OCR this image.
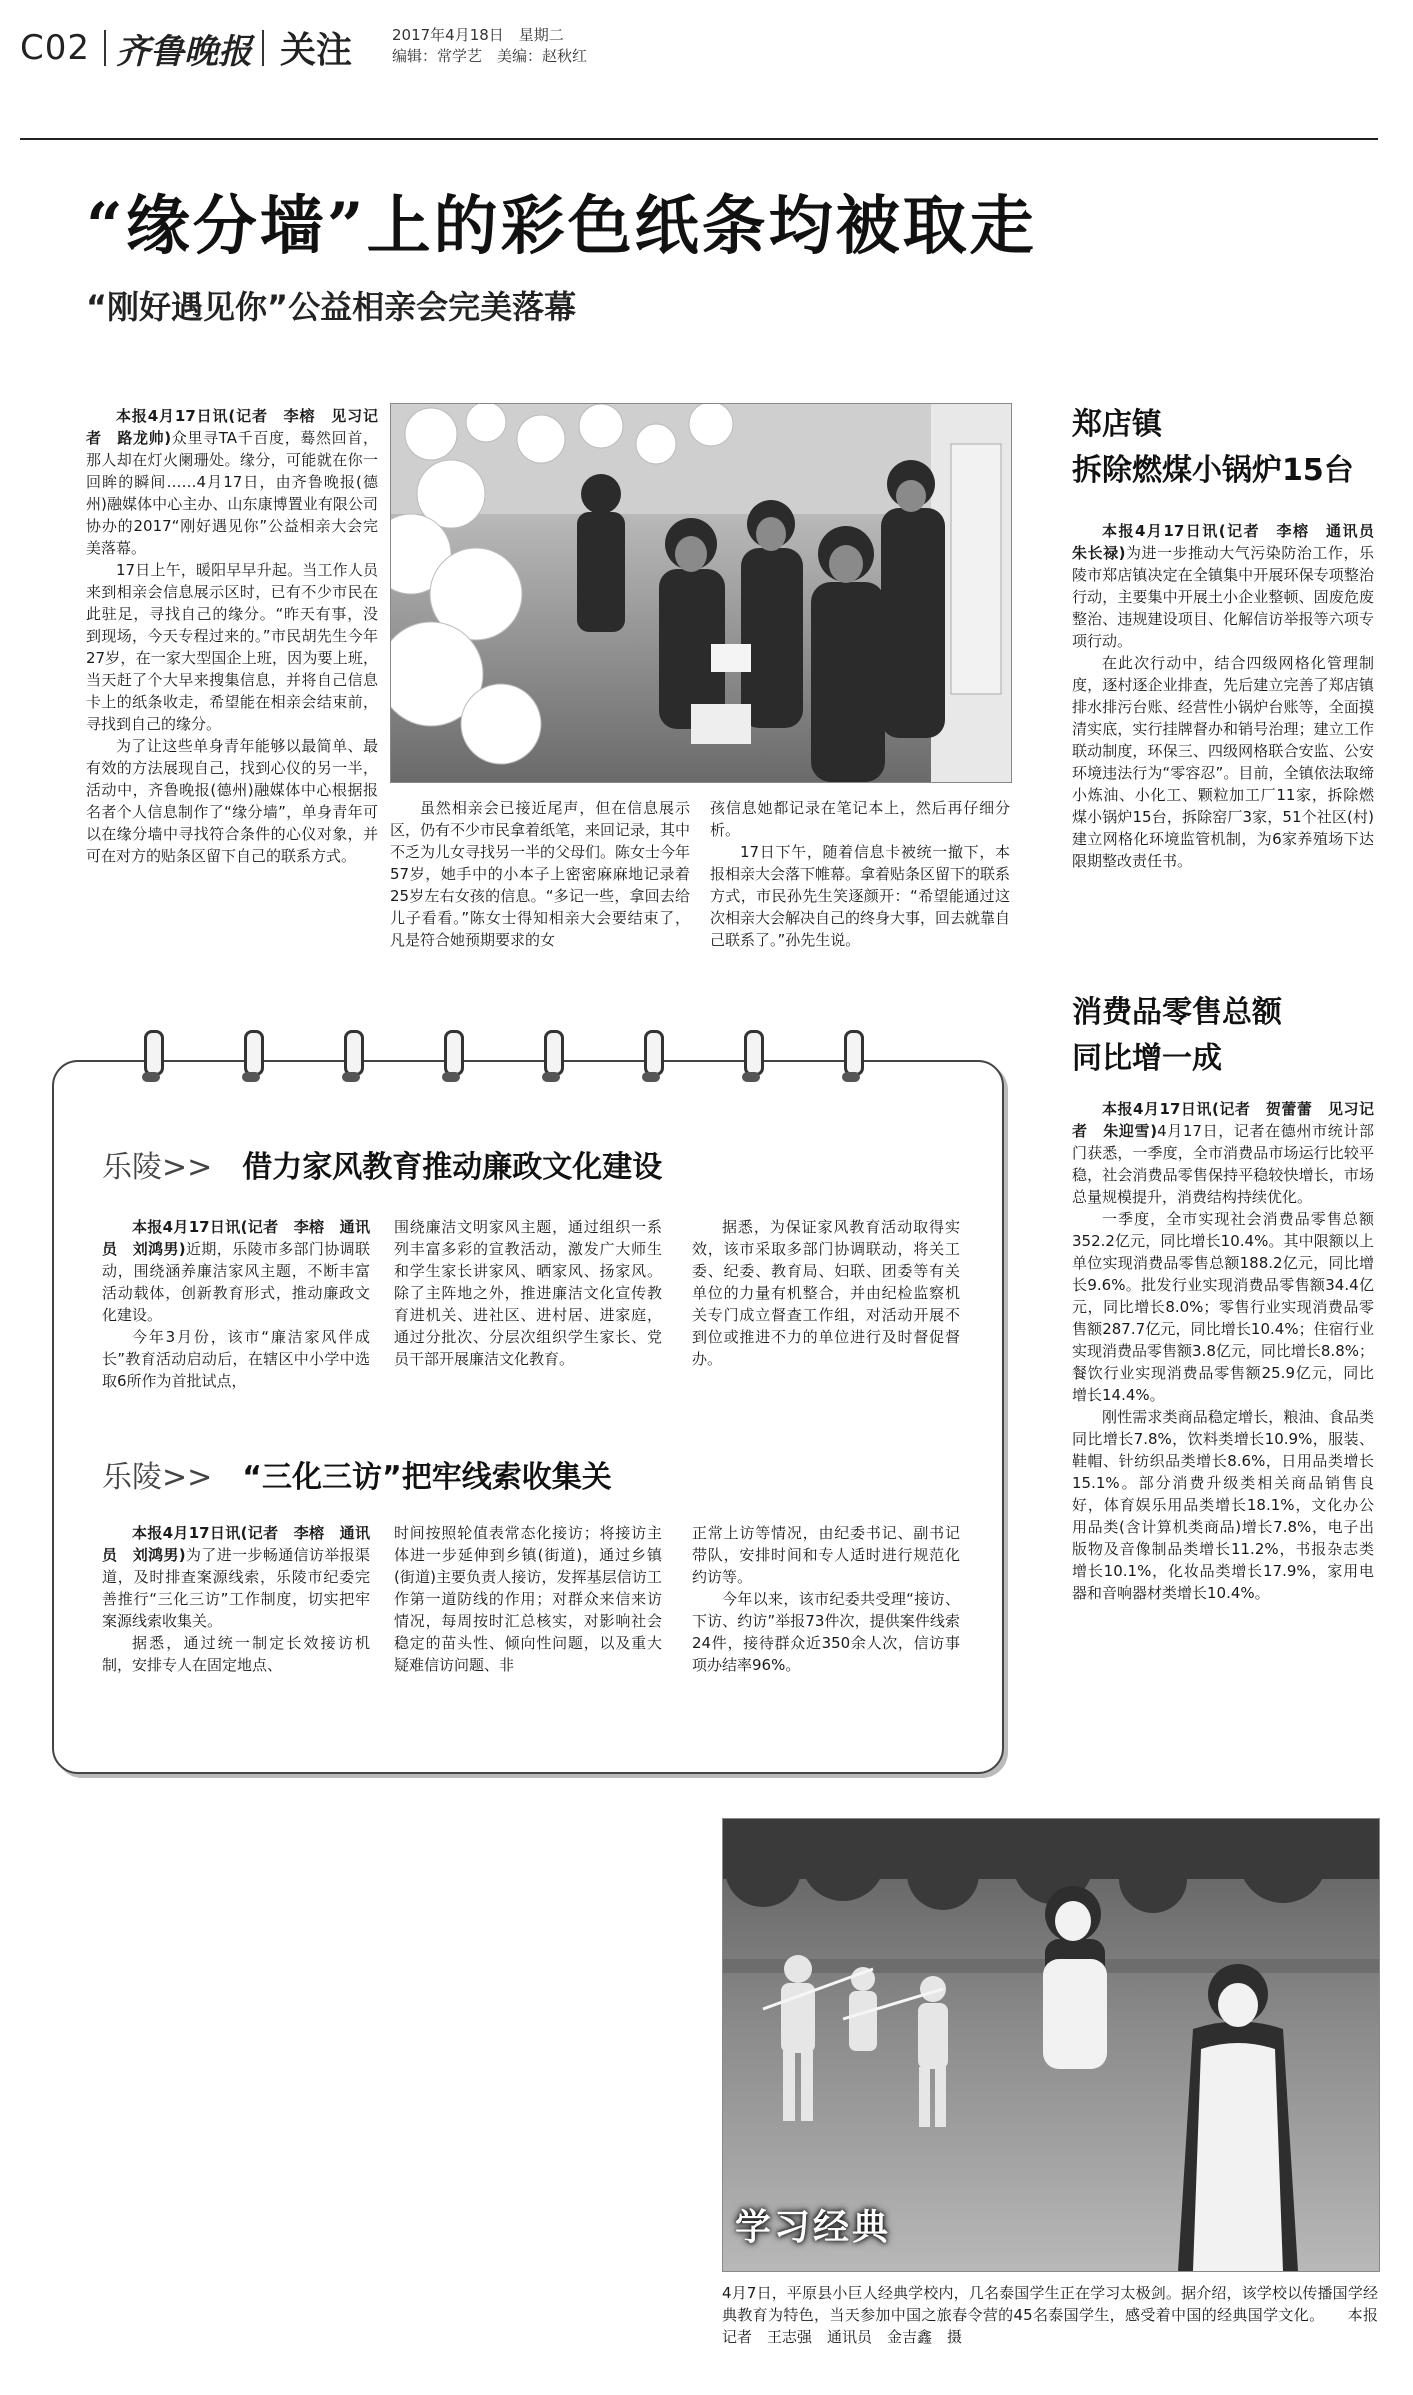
C02 齐鲁晚报 关注	2017年4月18日　星期二
编辑：常学艺　美编：赵秋红
“缘分墙”上的彩色纸条均被取走
“刚好遇见你”公益相亲会完美落幕

本报4月17日讯(记者　李榕　见习记者　路龙帅)众里寻TA千百度，蓦然回首，那人却在灯火阑珊处。缘分，可能就在你一回眸的瞬间……4月17日，由齐鲁晚报(德州)融媒体中心主办、山东康博置业有限公司协办的2017“刚好遇见你”公益相亲大会完美落幕。

17日上午，暖阳早早升起。当工作人员来到相亲会信息展示区时，已有不少市民在此驻足，寻找自己的缘分。“昨天有事，没到现场，今天专程过来的。”市民胡先生今年27岁，在一家大型国企上班，因为要上班，当天赶了个大早来搜集信息，并将自己信息卡上的纸条收走，希望能在相亲会结束前，寻找到自己的缘分。

为了让这些单身青年能够以最简单、最有效的方法展现自己，找到心仪的另一半，活动中，齐鲁晚报(德州)融媒体中心根据报名者个人信息制作了“缘分墙”，单身青年可以在缘分墙中寻找符合条件的心仪对象，并可在对方的贴条区留下自己的联系方式。

虽然相亲会已接近尾声，但在信息展示区，仍有不少市民拿着纸笔，来回记录，其中不乏为儿女寻找另一半的父母们。陈女士今年57岁，她手中的小本子上密密麻麻地记录着25岁左右女孩的信息。“多记一些，拿回去给儿子看看。”陈女士得知相亲大会要结束了，凡是符合她预期要求的女

孩信息她都记录在笔记本上，然后再仔细分析。

17日下午，随着信息卡被统一撤下，本报相亲大会落下帷幕。拿着贴条区留下的联系方式，市民孙先生笑逐颜开：“希望能通过这次相亲大会解决自己的终身大事，回去就靠自己联系了。”孙先生说。

郑店镇
拆除燃煤小锅炉15台

本报4月17日讯(记者　李榕　通讯员　朱长禄)为进一步推动大气污染防治工作，乐陵市郑店镇决定在全镇集中开展环保专项整治行动，主要集中开展土小企业整顿、固废危废整治、违规建设项目、化解信访举报等六项专项行动。

在此次行动中，结合四级网格化管理制度，逐村逐企业排查，先后建立完善了郑店镇排水排污台账、经营性小锅炉台账等，全面摸清实底，实行挂牌督办和销号治理；建立工作联动制度，环保三、四级网格联合安监、公安环境违法行为“零容忍”。目前，全镇依法取缔小炼油、小化工、颗粒加工厂11家，拆除燃煤小锅炉15台，拆除窑厂3家，51个社区(村)建立网格化环境监管机制，为6家养殖场下达限期整改责任书。

消费品零售总额
同比增一成

本报4月17日讯(记者　贺蕾蕾　见习记者　朱迎雪)4月17日，记者在德州市统计部门获悉，一季度，全市消费品市场运行比较平稳，社会消费品零售保持平稳较快增长，市场总量规模提升，消费结构持续优化。

一季度，全市实现社会消费品零售总额352.2亿元，同比增长10.4%。其中限额以上单位实现消费品零售总额188.2亿元，同比增长9.6%。批发行业实现消费品零售额34.4亿元，同比增长8.0%；零售行业实现消费品零售额287.7亿元，同比增长10.4%；住宿行业实现消费品零售额3.8亿元，同比增长8.8%；餐饮行业实现消费品零售额25.9亿元，同比增长14.4%。

刚性需求类商品稳定增长，粮油、食品类同比增长7.8%，饮料类增长10.9%，服装、鞋帽、针纺织品类增长8.6%，日用品类增长15.1%。部分消费升级类相关商品销售良好，体育娱乐用品类增长18.1%，文化办公用品类(含计算机类商品)增长7.8%，电子出版物及音像制品类增长11.2%，书报杂志类增长10.1%，化妆品类增长17.9%，家用电器和音响器材类增长10.4%。

乐陵>> 借力家风教育推动廉政文化建设

本报4月17日讯(记者　李榕　通讯员　刘鸿男)近期，乐陵市多部门协调联动，围绕涵养廉洁家风主题，不断丰富活动载体，创新教育形式，推动廉政文化建设。

今年3月份，该市“廉洁家风伴成长”教育活动启动后，在辖区中小学中选取6所作为首批试点，

围绕廉洁文明家风主题，通过组织一系列丰富多彩的宣教活动，激发广大师生和学生家长讲家风、晒家风、扬家风。除了主阵地之外，推进廉洁文化宣传教育进机关、进社区、进村居、进家庭，通过分批次、分层次组织学生家长、党员干部开展廉洁文化教育。

据悉，为保证家风教育活动取得实效，该市采取多部门协调联动，将关工委、纪委、教育局、妇联、团委等有关单位的力量有机整合，并由纪检监察机关专门成立督查工作组，对活动开展不到位或推进不力的单位进行及时督促督办。

乐陵>> “三化三访”把牢线索收集关

本报4月17日讯(记者　李榕　通讯员　刘鸿男)为了进一步畅通信访举报渠道，及时排查案源线索，乐陵市纪委完善推行“三化三访”工作制度，切实把牢案源线索收集关。

据悉，通过统一制定长效接访机制，安排专人在固定地点、

时间按照轮值表常态化接访；将接访主体进一步延伸到乡镇(街道)，通过乡镇(街道)主要负责人接访，发挥基层信访工作第一道防线的作用；对群众来信来访情况，每周按时汇总核实，对影响社会稳定的苗头性、倾向性问题，以及重大疑难信访问题、非

正常上访等情况，由纪委书记、副书记带队，安排时间和专人适时进行规范化约访等。

今年以来，该市纪委共受理“接访、下访、约访”举报73件次，提供案件线索24件，接待群众近350余人次，信访事项办结率96%。

学习经典
4月7日，平原县小巨人经典学校内，几名泰国学生正在学习太极剑。据介绍，该学校以传播国学经典教育为特色，当天参加中国之旅春令营的45名泰国学生，感受着中国的经典国学文化。　　本报记者　王志强　通讯员　金吉鑫　摄
